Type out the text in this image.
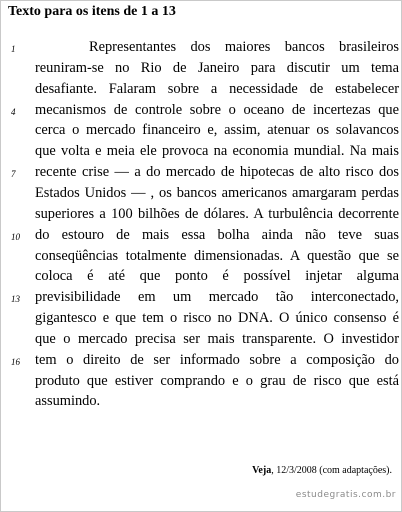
Texto para os itens de 1 a 13
Representantes dos maiores bancos brasileiros
reuniram-se no Rio de Janeiro para discutir um tema
desafiante. Falaram sobre a necessidade de estabelecer
mecanismos de controle sobre o oceano de incertezas que
cerca o mercado financeiro e, assim, atenuar os solavancos
que volta e meia ele provoca na economia mundial. Na mais
recente crise — a do mercado de hipotecas de alto risco dos
Estados Unidos — , os bancos americanos amargaram perdas
superiores a 100 bilhões de dólares. A turbulência decorrente
do estouro de mais essa bolha ainda não teve suas
conseqüências totalmente dimensionadas. A questão que se
coloca é até que ponto é possível injetar alguma
previsibilidade em um mercado tão interconectado,
gigantesco e que tem o risco no DNA. O único consenso é
que o mercado precisa ser mais transparente. O investidor
tem o direito de ser informado sobre a composição do
produto que estiver comprando e o grau de risco que está
assumindo.
1
4
7
10
13
16
Veja, 12/3/2008 (com adaptações).
estudegratis.com.br
